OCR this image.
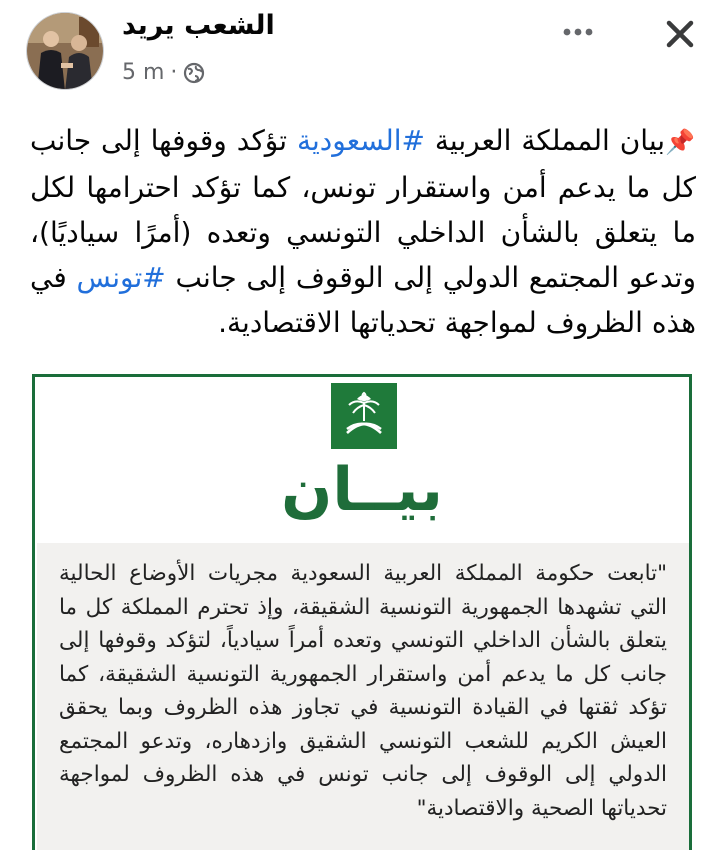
الشعب يريد
5 m ·
📌بيان المملكة العربية #السعودية تؤكد وقوفها إلى جانب كل ما يدعم أمن واستقرار تونس، كما تؤكد احترامها لكل ما يتعلق بالشأن الداخلي التونسي وتعده (أمرًا سياديًا)، وتدعو المجتمع الدولي إلى الوقوف إلى جانب #تونس في هذه الظروف لمواجهة تحدياتها الاقتصادية.
بيــان
"تابعت حكومة المملكة العربية السعودية مجريات الأوضاع الحالية التي تشهدها الجمهورية التونسية الشقيقة، وإذ تحترم المملكة كل ما يتعلق بالشأن الداخلي التونسي وتعده أمراً سيادياً، لتؤكد وقوفها إلى جانب كل ما يدعم أمن واستقرار الجمهورية التونسية الشقيقة، كما تؤكد ثقتها في القيادة التونسية في تجاوز هذه الظروف وبما يحقق العيش الكريم للشعب التونسي الشقيق وازدهاره، وتدعو المجتمع الدولي إلى الوقوف إلى جانب تونس في هذه الظروف لمواجهة تحدياتها الصحية والاقتصادية"
